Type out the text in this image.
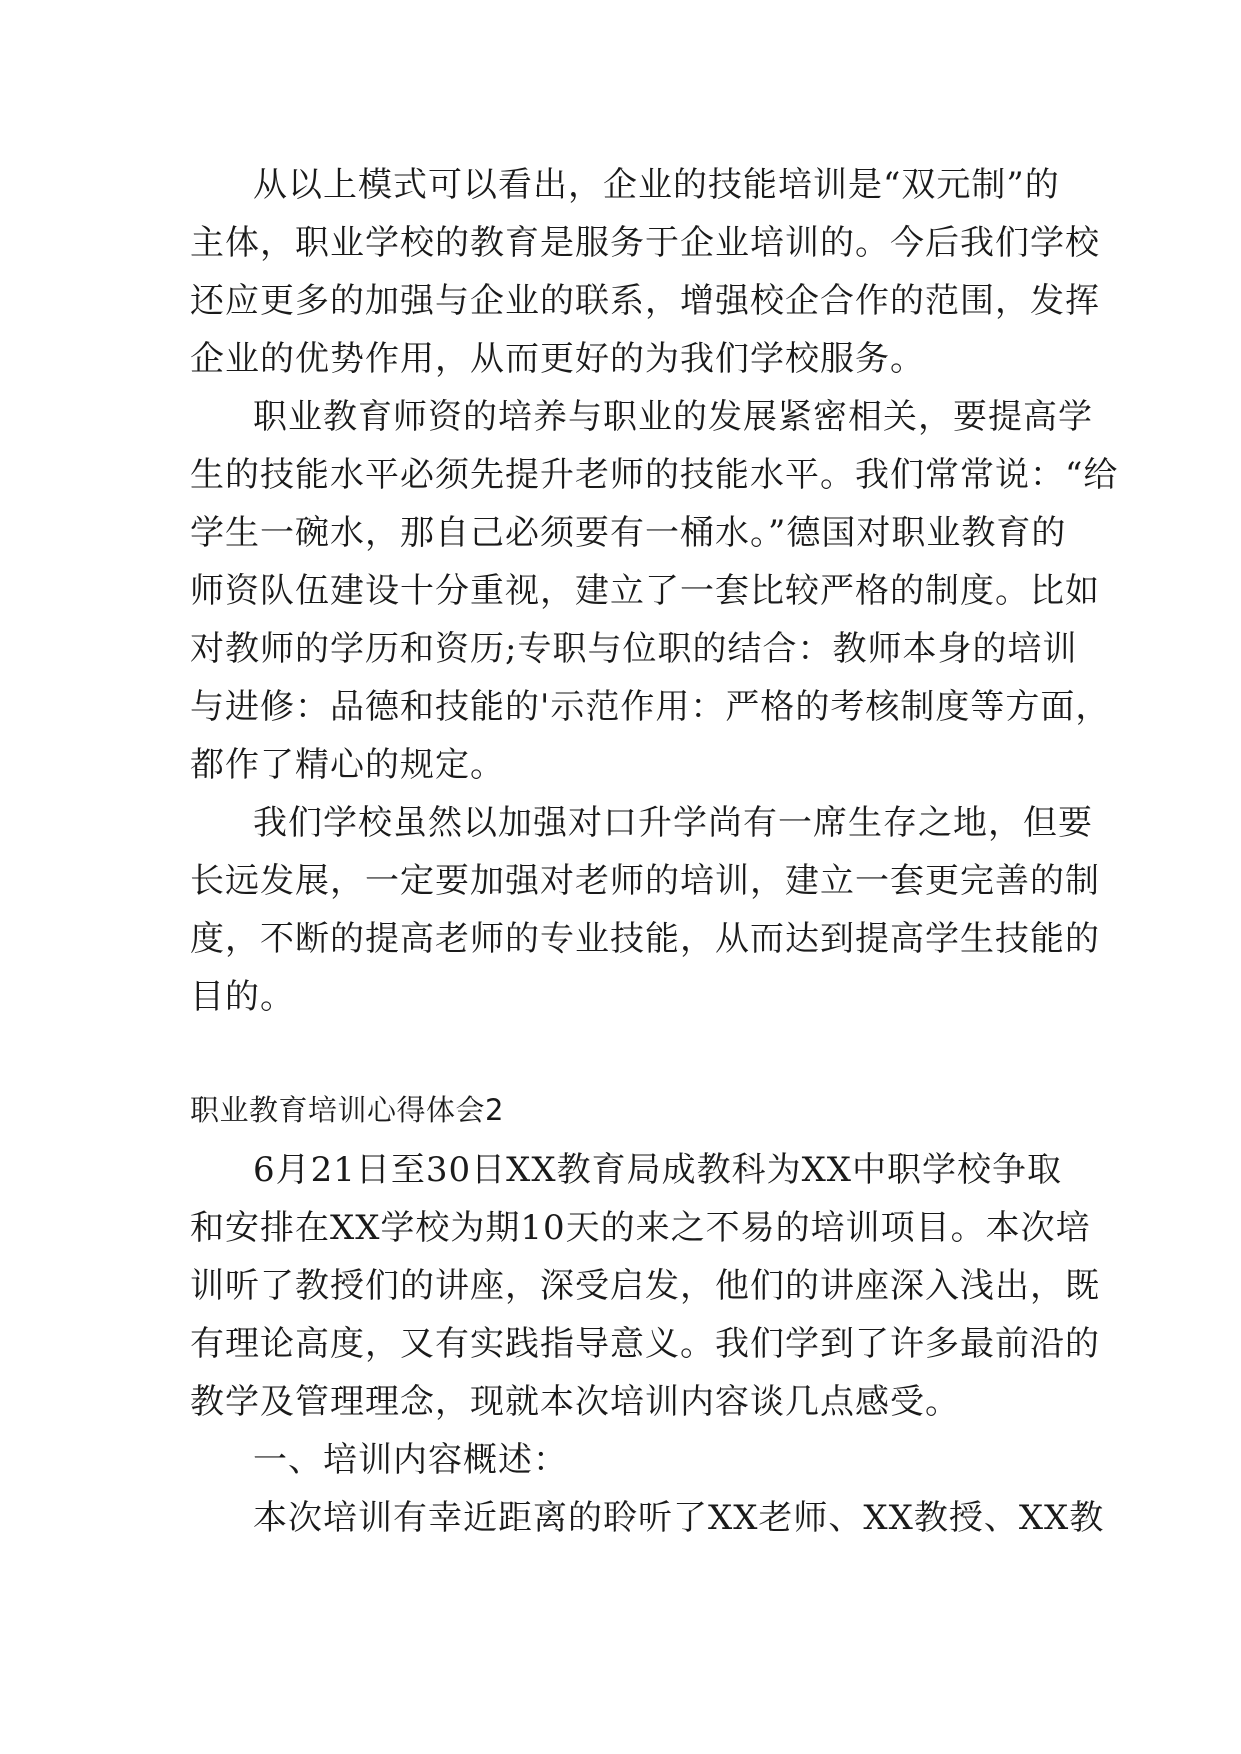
从以上模式可以看出，企业的技能培训是“双元制”的

主体，职业学校的教育是服务于企业培训的。今后我们学校

还应更多的加强与企业的联系，增强校企合作的范围，发挥

企业的优势作用，从而更好的为我们学校服务。

职业教育师资的培养与职业的发展紧密相关，要提高学

生的技能水平必须先提升老师的技能水平。我们常常说：“给

学生一碗水，那自己必须要有一桶水。”德国对职业教育的

师资队伍建设十分重视，建立了一套比较严格的制度。比如

对教师的学历和资历;专职与位职的结合：教师本身的培训

与进修：品德和技能的'示范作用：严格的考核制度等方面，

都作了精心的规定。

我们学校虽然以加强对口升学尚有一席生存之地，但要

长远发展，一定要加强对老师的培训，建立一套更完善的制

度，不断的提高老师的专业技能，从而达到提高学生技能的

目的。

职业教育培训心得体会2

6月21日至30日XX教育局成教科为XX中职学校争取

和安排在XX学校为期10天的来之不易的培训项目。本次培

训听了教授们的讲座，深受启发，他们的讲座深入浅出，既

有理论高度，又有实践指导意义。我们学到了许多最前沿的

教学及管理理念，现就本次培训内容谈几点感受。

一、培训内容概述：

本次培训有幸近距离的聆听了XX老师、XX教授、XX教
